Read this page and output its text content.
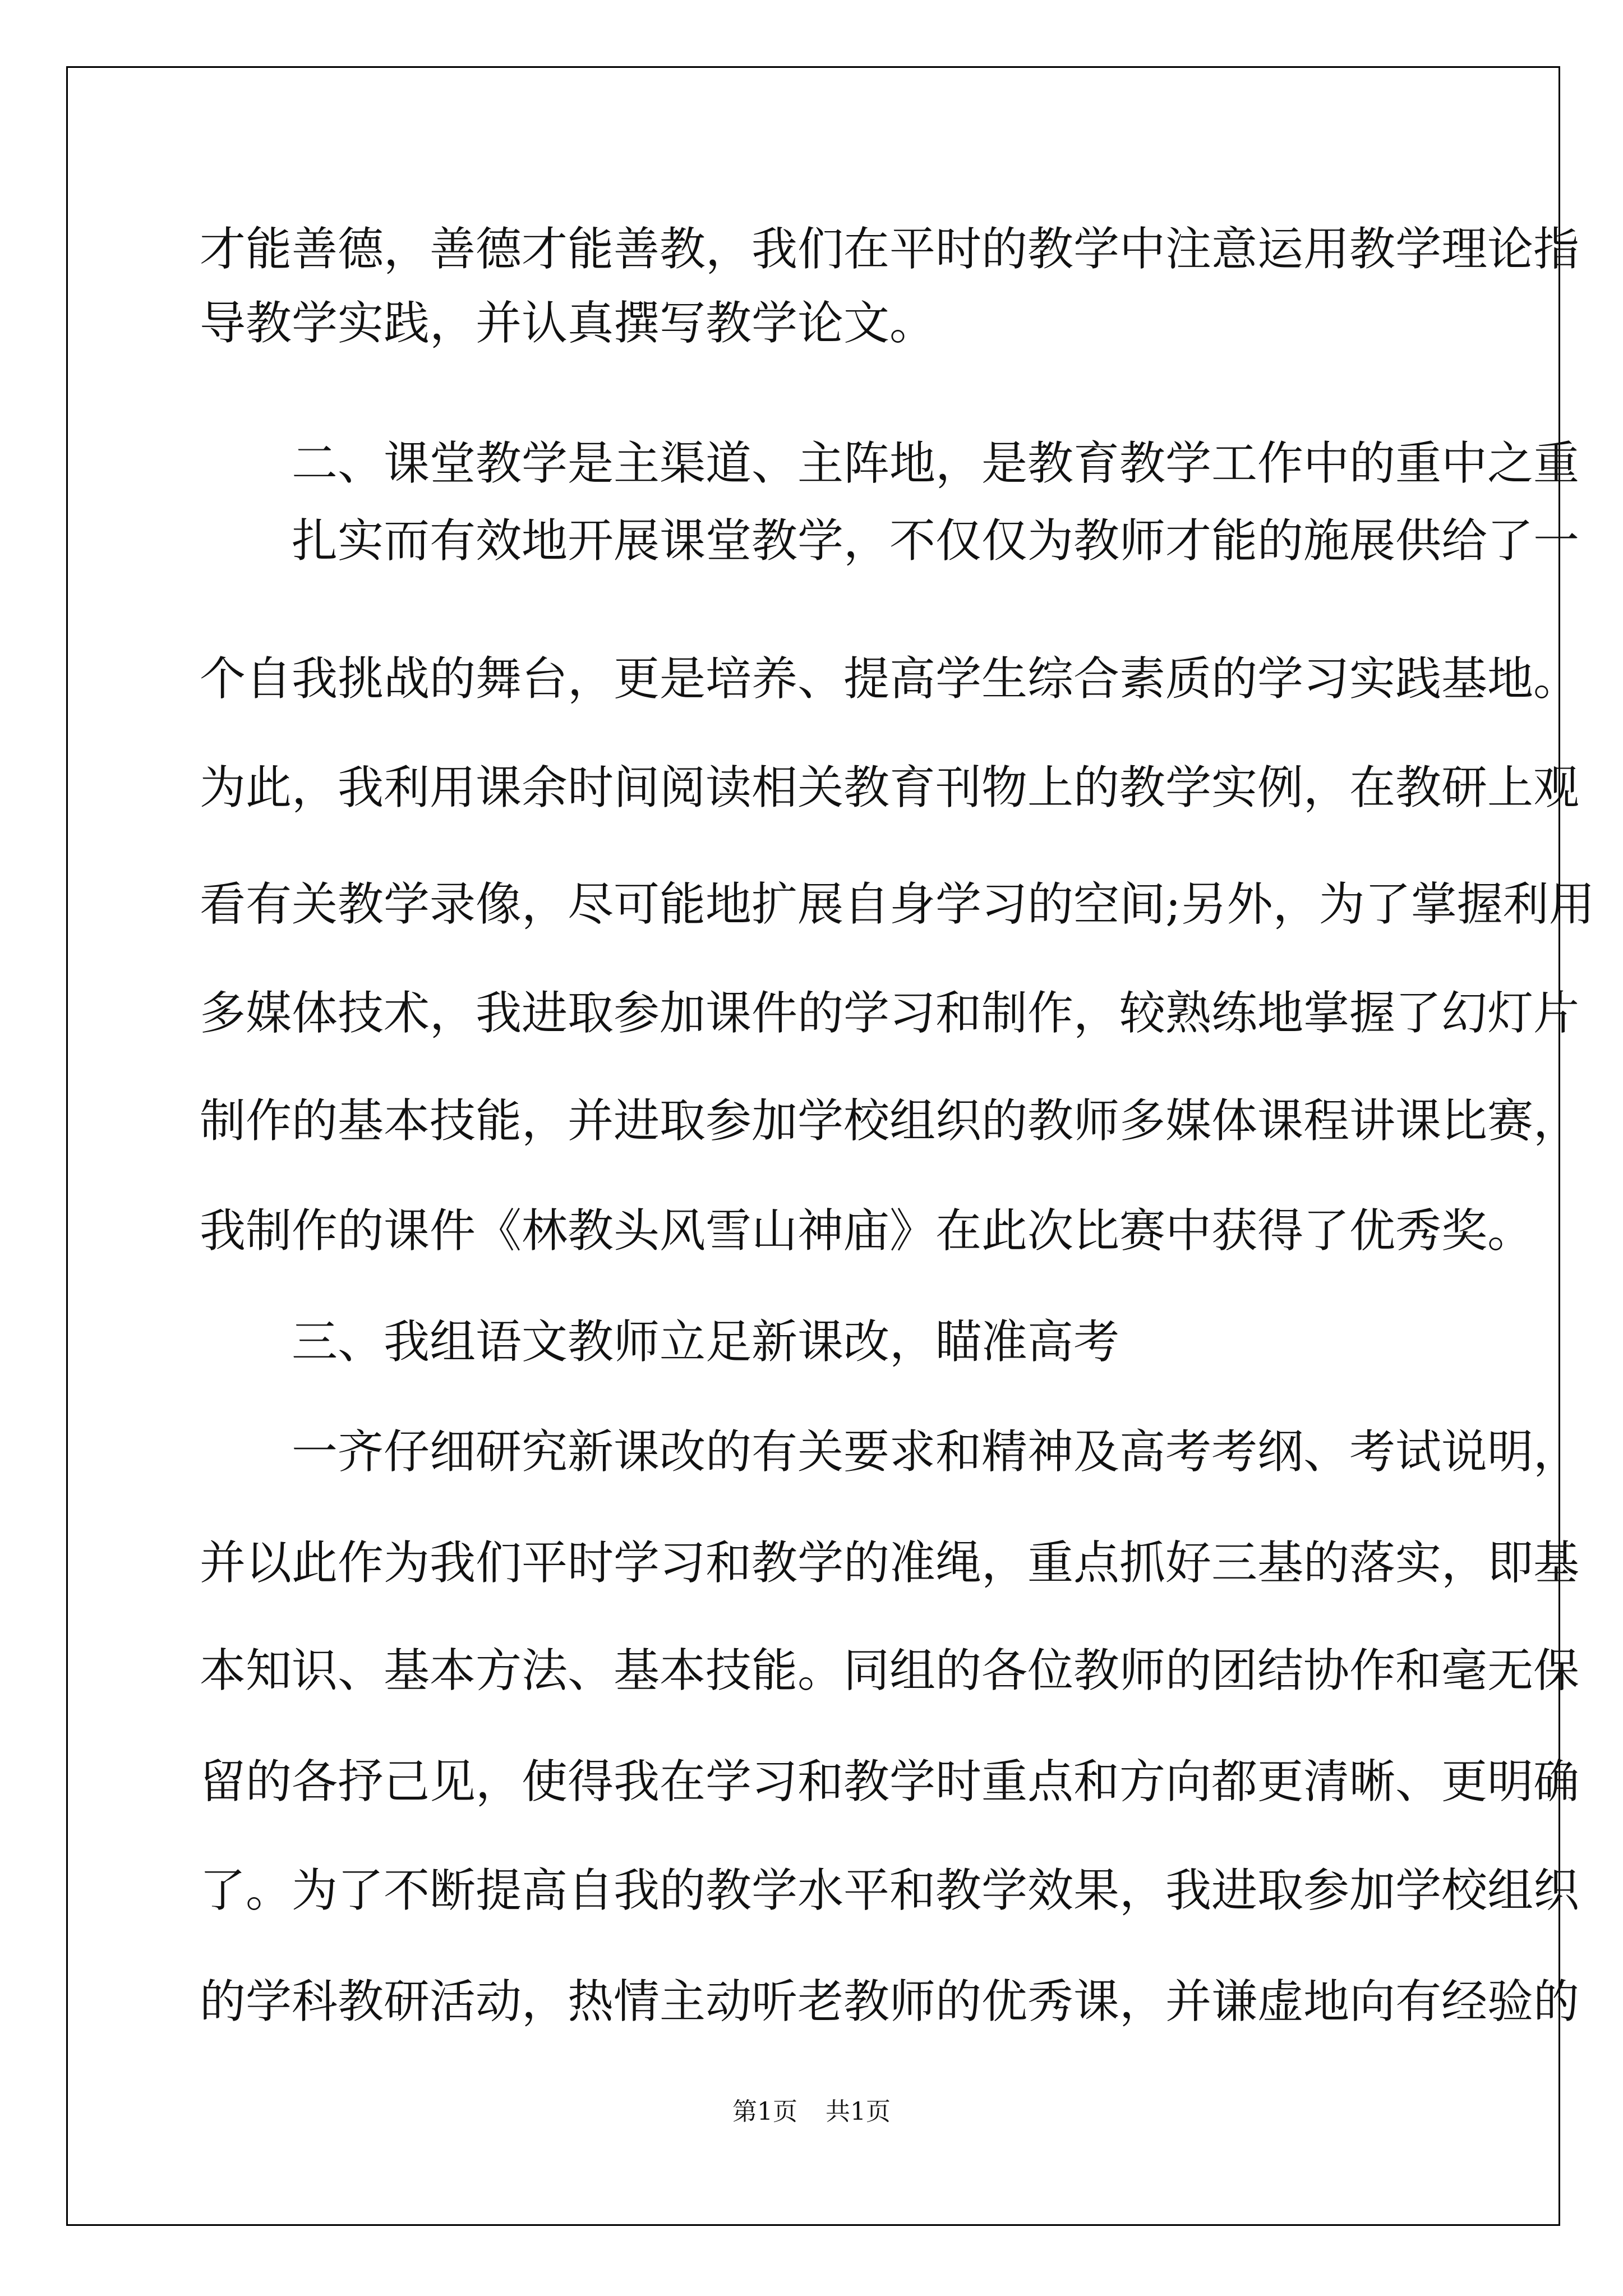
才能善德，善德才能善教，我们在平时的教学中注意运用教学理论指
导教学实践，并认真撰写教学论文。
二、课堂教学是主渠道、主阵地，是教育教学工作中的重中之重
扎实而有效地开展课堂教学，不仅仅为教师才能的施展供给了一
个自我挑战的舞台，更是培养、提高学生综合素质的学习实践基地。
为此，我利用课余时间阅读相关教育刊物上的教学实例，在教研上观
看有关教学录像，尽可能地扩展自身学习的空间;另外，为了掌握利用
多媒体技术，我进取参加课件的学习和制作，较熟练地掌握了幻灯片
制作的基本技能，并进取参加学校组织的教师多媒体课程讲课比赛，
我制作的课件《林教头风雪山神庙》在此次比赛中获得了优秀奖。
三、我组语文教师立足新课改，瞄准高考
一齐仔细研究新课改的有关要求和精神及高考考纲、考试说明，
并以此作为我们平时学习和教学的准绳，重点抓好三基的落实，即基
本知识、基本方法、基本技能。同组的各位教师的团结协作和毫无保
留的各抒己见，使得我在学习和教学时重点和方向都更清晰、更明确
了。为了不断提高自我的教学水平和教学效果，我进取参加学校组织
的学科教研活动，热情主动听老教师的优秀课，并谦虚地向有经验的
第1页 共1页
